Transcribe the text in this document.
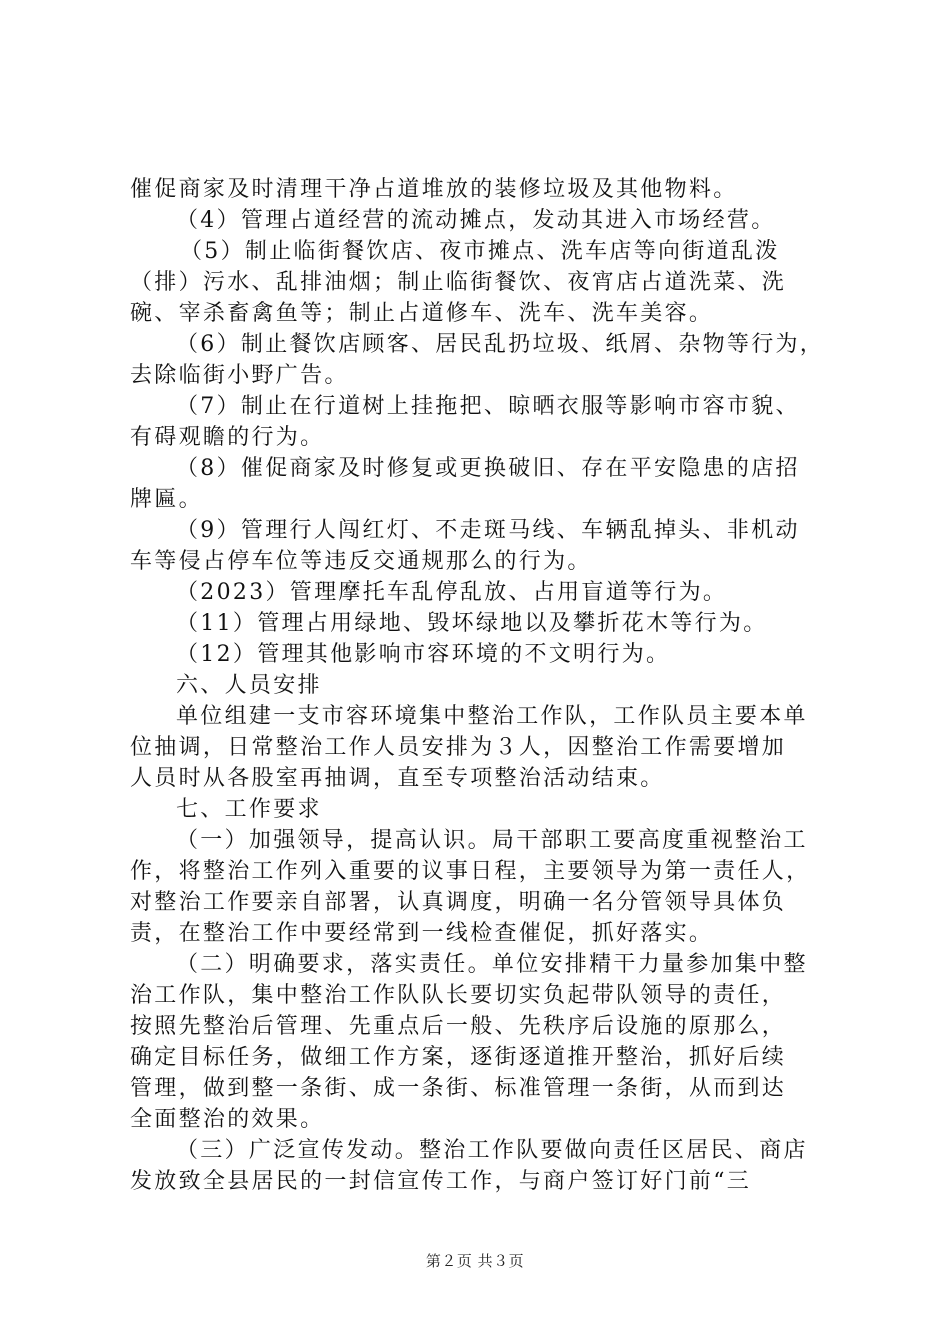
催促商家及时清理干净占道堆放的装修垃圾及其他物料。
（4）管理占道经营的流动摊点，发动其进入市场经营。
（5）制止临街餐饮店、夜市摊点、洗车店等向街道乱泼
（排）污水、乱排油烟；制止临街餐饮、夜宵店占道洗菜、洗
碗、宰杀畜禽鱼等；制止占道修车、洗车、洗车美容。
（6）制止餐饮店顾客、居民乱扔垃圾、纸屑、杂物等行为，
去除临街小野广告。
（7）制止在行道树上挂拖把、晾晒衣服等影响市容市貌、
有碍观瞻的行为。
（8）催促商家及时修复或更换破旧、存在平安隐患的店招
牌匾。
（9）管理行人闯红灯、不走斑马线、车辆乱掉头、非机动
车等侵占停车位等违反交通规那么的行为。
（2023）管理摩托车乱停乱放、占用盲道等行为。
（11）管理占用绿地、毁坏绿地以及攀折花木等行为。
（12）管理其他影响市容环境的不文明行为。
六、人员安排
单位组建一支市容环境集中整治工作队，工作队员主要本单
位抽调，日常整治工作人员安排为３人，因整治工作需要增加
人员时从各股室再抽调，直至专项整治活动结束。
七、工作要求
（一）加强领导，提高认识。局干部职工要高度重视整治工
作，将整治工作列入重要的议事日程，主要领导为第一责任人，
对整治工作要亲自部署，认真调度，明确一名分管领导具体负
责，在整治工作中要经常到一线检查催促，抓好落实。
（二）明确要求，落实责任。单位安排精干力量参加集中整
治工作队，集中整治工作队队长要切实负起带队领导的责任，
按照先整治后管理、先重点后一般、先秩序后设施的原那么，
确定目标任务，做细工作方案，逐街逐道推开整治，抓好后续
管理，做到整一条街、成一条街、标准管理一条街，从而到达
全面整治的效果。
（三）广泛宣传发动。整治工作队要做向责任区居民、商店
发放致全县居民的一封信宣传工作，与商户签订好门前“三
第２页 共３页
